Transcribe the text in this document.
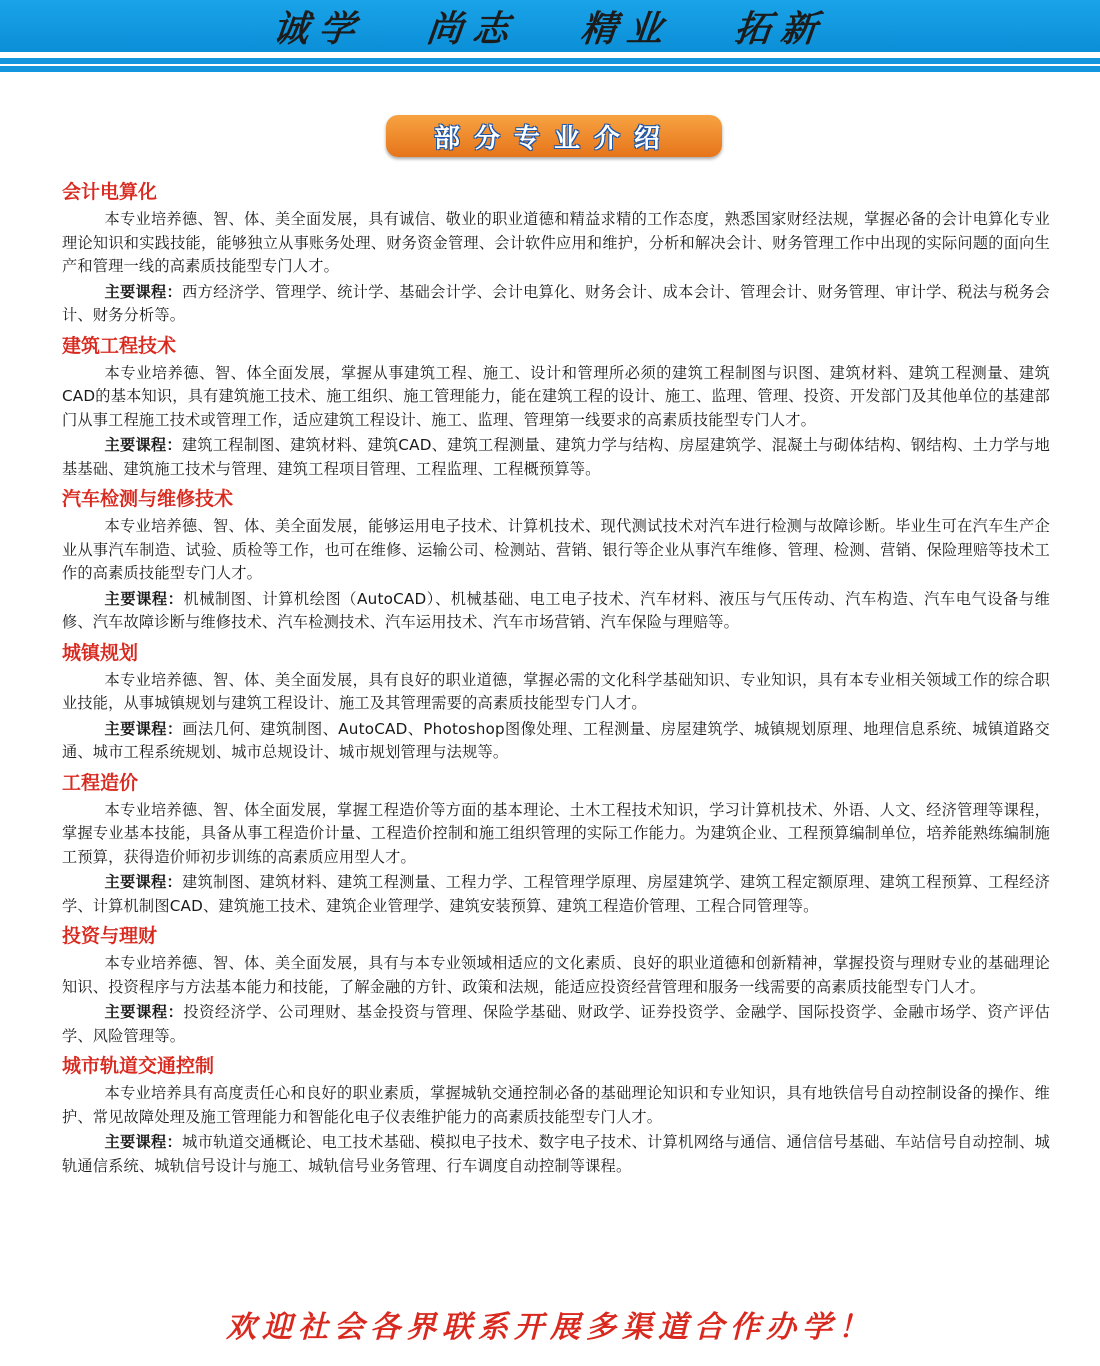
诚学 尚志 精业 拓新
部分专业介绍
会计电算化

本专业培养德、智、体、美全面发展，具有诚信、敬业的职业道德和精益求精的工作态度，熟悉国家财经法规，掌握必备的会计电算化专业理论知识和实践技能，能够独立从事账务处理、财务资金管理、会计软件应用和维护，分析和解决会计、财务管理工作中出现的实际问题的面向生产和管理一线的高素质技能型专门人才。

主要课程：西方经济学、管理学、统计学、基础会计学、会计电算化、财务会计、成本会计、管理会计、财务管理、审计学、税法与税务会计、财务分析等。

建筑工程技术

本专业培养德、智、体全面发展，掌握从事建筑工程、施工、设计和管理所必须的建筑工程制图与识图、建筑材料、建筑工程测量、建筑CAD的基本知识，具有建筑施工技术、施工组织、施工管理能力，能在建筑工程的设计、施工、监理、管理、投资、开发部门及其他单位的基建部门从事工程施工技术或管理工作，适应建筑工程设计、施工、监理、管理第一线要求的高素质技能型专门人才。

主要课程：建筑工程制图、建筑材料、建筑CAD、建筑工程测量、建筑力学与结构、房屋建筑学、混凝土与砌体结构、钢结构、土力学与地基基础、建筑施工技术与管理、建筑工程项目管理、工程监理、工程概预算等。

汽车检测与维修技术

本专业培养德、智、体、美全面发展，能够运用电子技术、计算机技术、现代测试技术对汽车进行检测与故障诊断。毕业生可在汽车生产企业从事汽车制造、试验、质检等工作，也可在维修、运输公司、检测站、营销、银行等企业从事汽车维修、管理、检测、营销、保险理赔等技术工作的高素质技能型专门人才。

主要课程：机械制图、计算机绘图（AutoCAD）、机械基础、电工电子技术、汽车材料、液压与气压传动、汽车构造、汽车电气设备与维修、汽车故障诊断与维修技术、汽车检测技术、汽车运用技术、汽车市场营销、汽车保险与理赔等。

城镇规划

本专业培养德、智、体、美全面发展，具有良好的职业道德，掌握必需的文化科学基础知识、专业知识，具有本专业相关领域工作的综合职业技能，从事城镇规划与建筑工程设计、施工及其管理需要的高素质技能型专门人才。

主要课程：画法几何、建筑制图、AutoCAD、Photoshop图像处理、工程测量、房屋建筑学、城镇规划原理、地理信息系统、城镇道路交通、城市工程系统规划、城市总规设计、城市规划管理与法规等。

工程造价

本专业培养德、智、体全面发展，掌握工程造价等方面的基本理论、土木工程技术知识，学习计算机技术、外语、人文、经济管理等课程，掌握专业基本技能，具备从事工程造价计量、工程造价控制和施工组织管理的实际工作能力。为建筑企业、工程预算编制单位，培养能熟练编制施工预算，获得造价师初步训练的高素质应用型人才。

主要课程：建筑制图、建筑材料、建筑工程测量、工程力学、工程管理学原理、房屋建筑学、建筑工程定额原理、建筑工程预算、工程经济学、计算机制图CAD、建筑施工技术、建筑企业管理学、建筑安装预算、建筑工程造价管理、工程合同管理等。

投资与理财

本专业培养德、智、体、美全面发展，具有与本专业领域相适应的文化素质、良好的职业道德和创新精神，掌握投资与理财专业的基础理论知识、投资程序与方法基本能力和技能，了解金融的方针、政策和法规，能适应投资经营管理和服务一线需要的高素质技能型专门人才。

主要课程：投资经济学、公司理财、基金投资与管理、保险学基础、财政学、证券投资学、金融学、国际投资学、金融市场学、资产评估学、风险管理等。

城市轨道交通控制

本专业培养具有高度责任心和良好的职业素质，掌握城轨交通控制必备的基础理论知识和专业知识，具有地铁信号自动控制设备的操作、维护、常见故障处理及施工管理能力和智能化电子仪表维护能力的高素质技能型专门人才。

主要课程：城市轨道交通概论、电工技术基础、模拟电子技术、数字电子技术、计算机网络与通信、通信信号基础、车站信号自动控制、城轨通信系统、城轨信号设计与施工、城轨信号业务管理、行车调度自动控制等课程。

欢迎社会各界联系开展多渠道合作办学！
